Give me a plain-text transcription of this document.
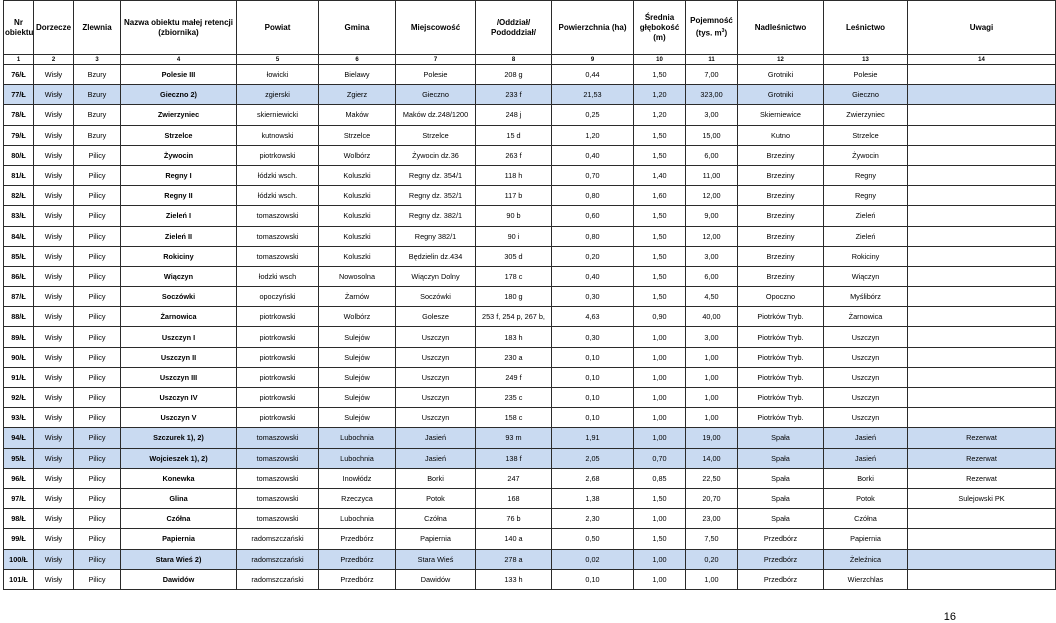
Nr obiektu	Dorzecze	Zlewnia	Nazwa obiektu małej retencji (zbiornika)	Powiat	Gmina	Miejscowość	/Oddział/ Pododdział/	Powierzchnia (ha)	Średnia głębokość (m)	Pojemność (tys. $m^3$)	Nadleśnictwo	Leśnictwo	Uwagi
1	2	3	4	5	6	7	8	9	10	11	12	13	14
76/Ł	Wisły	Bzury	Polesie III	łowicki	Bielawy	Polesie	208 g	0,44	1,50	7,00	Grotniki	Polesie	
77/Ł	Wisły	Bzury	Gieczno 2)	zgierski	Zgierz	Gieczno	233 f	21,53	1,20	323,00	Grotniki	Gieczno	
78/Ł	Wisły	Bzury	Zwierzyniec	skierniewicki	Maków	Maków dz.248/1200	248 j	0,25	1,20	3,00	Skierniewice	Zwierzyniec	
79/Ł	Wisły	Bzury	Strzelce	kutnowski	Strzelce	Strzelce	15 d	1,20	1,50	15,00	Kutno	Strzelce	
80/Ł	Wisły	Pilicy	Żywocin	piotrkowski	Wolbórz	Żywocin dz.36	263 f	0,40	1,50	6,00	Brzeziny	Żywocin	
81/Ł	Wisły	Pilicy	Regny I	łódzki wsch.	Koluszki	Regny dz. 354/1	118 h	0,70	1,40	11,00	Brzeziny	Regny	
82/Ł	Wisły	Pilicy	Regny II	łódzki wsch.	Koluszki	Regny dz. 352/1	117 b	0,80	1,60	12,00	Brzeziny	Regny	
83/Ł	Wisły	Pilicy	Zieleń I	tomaszowski	Koluszki	Regny dz. 382/1	90 b	0,60	1,50	9,00	Brzeziny	Zieleń	
84/Ł	Wisły	Pilicy	Zieleń II	tomaszowski	Koluszki	Regny 382/1	90 i	0,80	1,50	12,00	Brzeziny	Zieleń	
85/Ł	Wisły	Pilicy	Rokiciny	tomaszowski	Koluszki	Będzielin dz.434	305 d	0,20	1,50	3,00	Brzeziny	Rokiciny	
86/Ł	Wisły	Pilicy	Wiączyn	łodzki wsch	Nowosolna	Wiączyn Dolny	178 c	0,40	1,50	6,00	Brzeziny	Wiączyn	
87/Ł	Wisły	Pilicy	Soczówki	opoczyński	Żarnów	Soczówki	180 g	0,30	1,50	4,50	Opoczno	Myślibórz	
88/Ł	Wisły	Pilicy	Żarnowica	piotrkowski	Wolbórz	Golesze	253 f, 254 p, 267 b,	4,63	0,90	40,00	Piotrków Tryb.	Żarnowica	
89/Ł	Wisły	Pilicy	Uszczyn I	piotrkowski	Sulejów	Uszczyn	183 h	0,30	1,00	3,00	Piotrków Tryb.	Uszczyn	
90/Ł	Wisły	Pilicy	Uszczyn II	piotrkowski	Sulejów	Uszczyn	230 a	0,10	1,00	1,00	Piotrków Tryb.	Uszczyn	
91/Ł	Wisły	Pilicy	Uszczyn III	piotrkowski	Sulejów	Uszczyn	249 f	0,10	1,00	1,00	Piotrków Tryb.	Uszczyn	
92/Ł	Wisły	Pilicy	Uszczyn IV	piotrkowski	Sulejów	Uszczyn	235 c	0,10	1,00	1,00	Piotrków Tryb.	Uszczyn	
93/Ł	Wisły	Pilicy	Uszczyn V	piotrkowski	Sulejów	Uszczyn	158 c	0,10	1,00	1,00	Piotrków Tryb.	Uszczyn	
94/Ł	Wisły	Pilicy	Szczurek 1), 2)	tomaszowski	Lubochnia	Jasień	93 m	1,91	1,00	19,00	Spała	Jasień	Rezerwat
95/Ł	Wisły	Pilicy	Wojcieszek 1), 2)	tomaszowski	Lubochnia	Jasień	138 f	2,05	0,70	14,00	Spała	Jasień	Rezerwat
96/Ł	Wisły	Pilicy	Konewka	tomaszowski	Inowłódz	Borki	247	2,68	0,85	22,50	Spała	Borki	Rezerwat
97/Ł	Wisły	Pilicy	Glina	tomaszowski	Rzeczyca	Potok	168	1,38	1,50	20,70	Spała	Potok	Sulejowski PK
98/Ł	Wisły	Pilicy	Czółna	tomaszowski	Lubochnia	Czółna	76 b	2,30	1,00	23,00	Spała	Czółna	
99/Ł	Wisły	Pilicy	Papiernia	radomszczański	Przedbórz	Papiernia	140 a	0,50	1,50	7,50	Przedbórz	Papiernia	
100/Ł	Wisły	Pilicy	Stara Wieś 2)	radomszczański	Przedbórz	Stara Wieś	278 a	0,02	1,00	0,20	Przedbórz	Żeleźnica	
101/Ł	Wisły	Pilicy	Dawidów	radomszczański	Przedbórz	Dawidów	133 h	0,10	1,00	1,00	Przedbórz	Wierzchlas	
16
